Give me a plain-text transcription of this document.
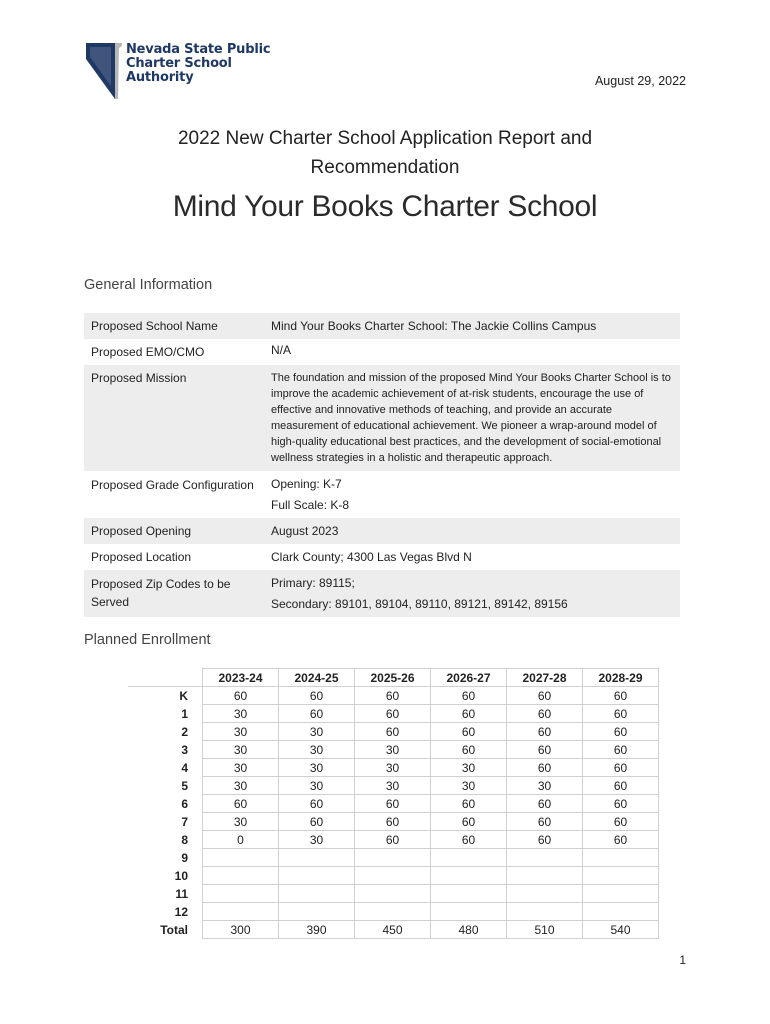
Nevada State Public
Charter School
Authority	August 29, 2022
2022 New Charter School Application Report and
Recommendation
Mind Your Books Charter School
General Information
Proposed School Name	Mind Your Books Charter School: The Jackie Collins Campus
Proposed EMO/CMO	N/A
Proposed Mission	The foundation and mission of the proposed Mind Your Books Charter School is to improve the academic achievement of at-risk students, encourage the use of effective and innovative methods of teaching, and provide an accurate measurement of educational achievement. We pioneer a wrap-around model of high-quality educational best practices, and the development of social-emotional wellness strategies in a holistic and therapeutic approach.
Proposed Grade Configuration	Opening: K-7
Full Scale: K-8

Proposed Opening	August 2023
Proposed Location	Clark County; 4300 Las Vegas Blvd N
Proposed Zip Codes to be Served	Primary: 89115;
Secondary: 89101, 89104, 89110, 89121, 89142, 89156
Planned Enrollment
	2023-24	2024-25	2025-26	2026-27	2027-28	2028-29
K	60	60	60	60	60	60
1	30	60	60	60	60	60
2	30	30	60	60	60	60
3	30	30	30	60	60	60
4	30	30	30	30	60	60
5	30	30	30	30	30	60
6	60	60	60	60	60	60
7	30	60	60	60	60	60
8	0	30	60	60	60	60
9						
10						
11						
12						
Total	300	390	450	480	510	540
1
